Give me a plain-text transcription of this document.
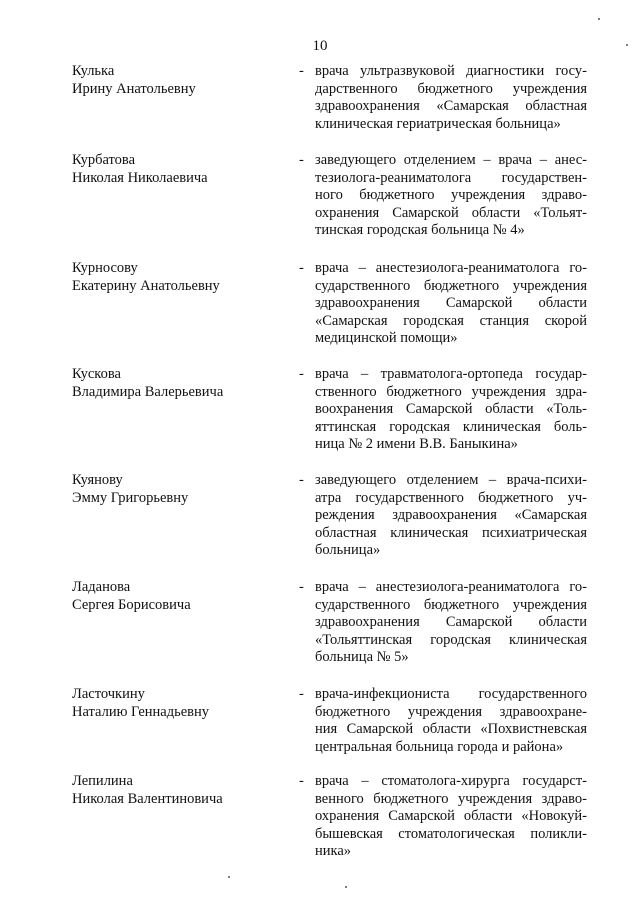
10
Кулька
Ирину Анатольевну
- врача ультразвуковой диагностики госу-
дарственного бюджетного учреждения
здравоохранения «Самарская областная
клиническая гериатрическая больница»
Курбатова
Николая Николаевича
- заведующего отделением – врача – анес-
тезиолога-реаниматолога государствен-
ного бюджетного учреждения здраво-
охранения Самарской области «Тольят-
тинская городская больница № 4»
Курносову
Екатерину Анатольевну
- врача – анестезиолога-реаниматолога го-
сударственного бюджетного учреждения
здравоохранения Самарской области
«Самарская городская станция скорой
медицинской помощи»
Кускова
Владимира Валерьевича
- врача – травматолога-ортопеда государ-
ственного бюджетного учреждения здра-
воохранения Самарской области «Толь-
яттинская городская клиническая боль-
ница № 2 имени В.В. Баныкина»
Куянову
Эмму Григорьевну
- заведующего отделением – врача-психи-
атра государственного бюджетного уч-
реждения здравоохранения «Самарская
областная клиническая психиатрическая
больница»
Ладанова
Сергея Борисовича
- врача – анестезиолога-реаниматолога го-
сударственного бюджетного учреждения
здравоохранения Самарской области
«Тольяттинская городская клиническая
больница № 5»
Ласточкину
Наталию Геннадьевну
- врача-инфекциониста государственного
бюджетного учреждения здравоохране-
ния Самарской области «Похвистневская
центральная больница города и района»
Лепилина
Николая Валентиновича
- врача – стоматолога-хирурга государст-
венного бюджетного учреждения здраво-
охранения Самарской области «Новокуй-
бышевская стоматологическая поликли-
ника»
